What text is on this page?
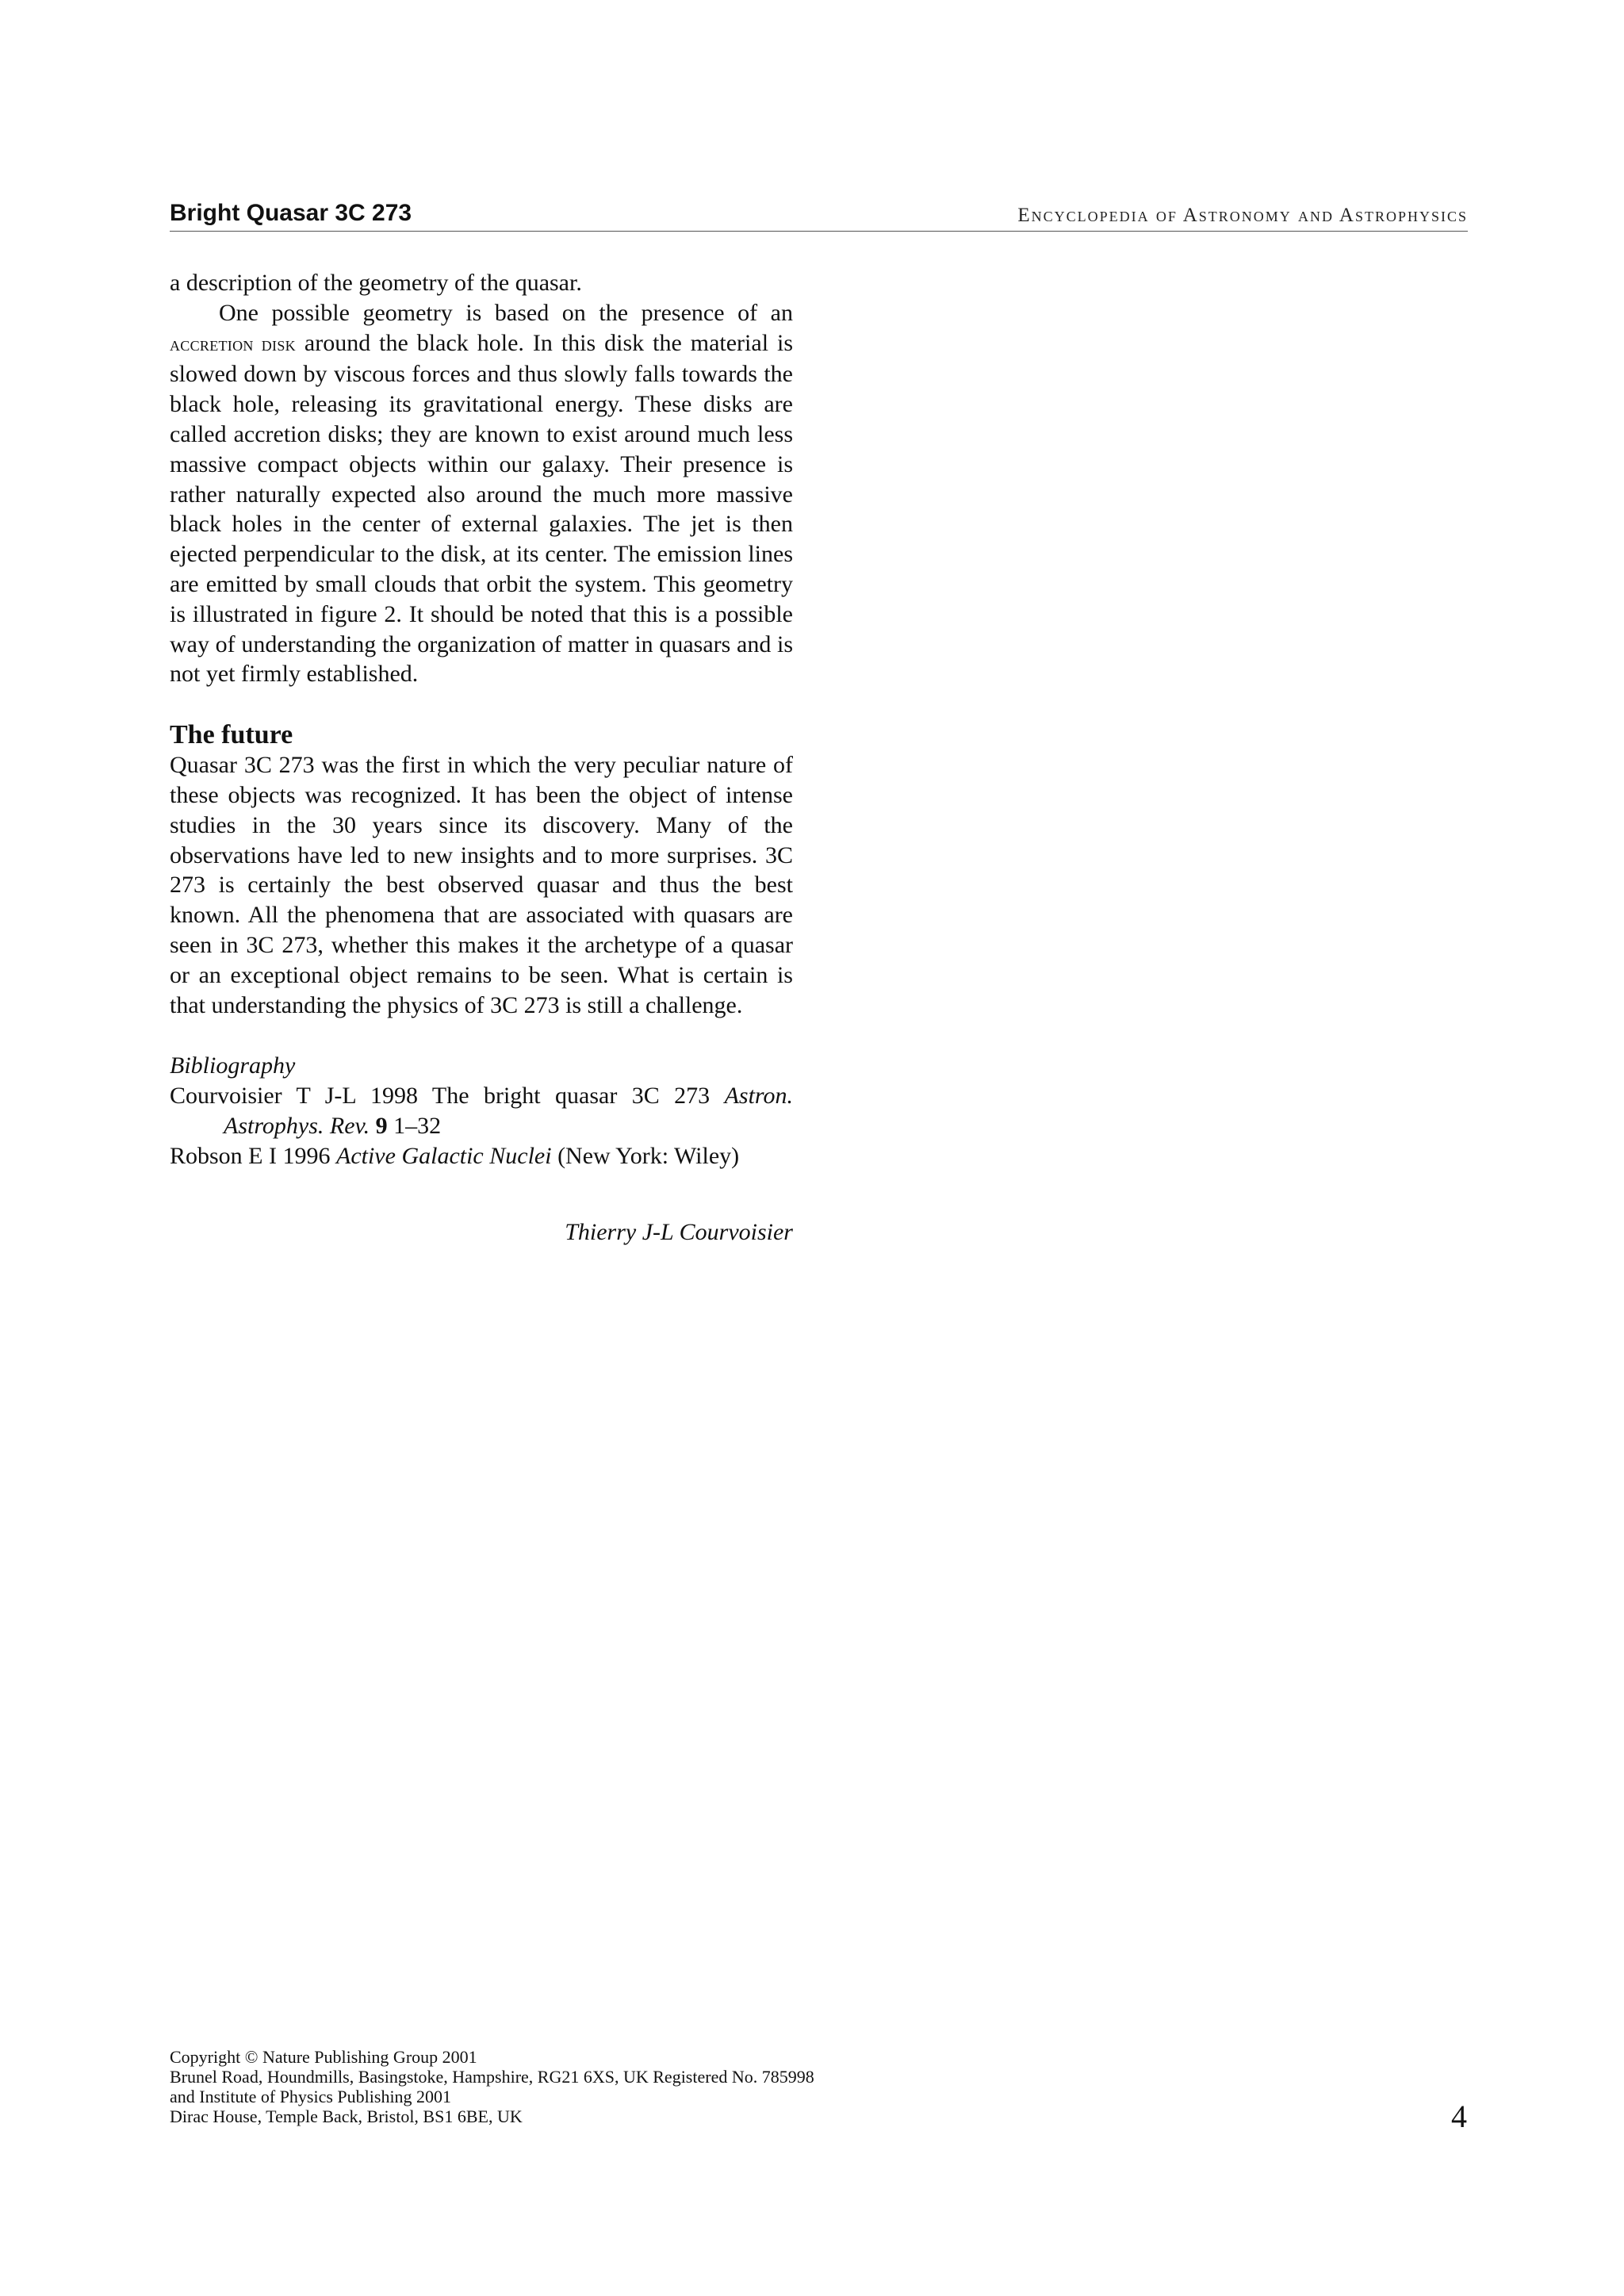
Bright Quasar 3C 273	Encyclopedia of Astronomy and Astrophysics

a description of the geometry of the quasar.

One possible geometry is based on the presence of an accretion disk around the black hole. In this disk the material is slowed down by viscous forces and thus slowly falls towards the black hole, releasing its gravitational energy. These disks are called accretion disks; they are known to exist around much less massive compact objects within our galaxy. Their presence is rather naturally expected also around the much more massive black holes in the center of external galaxies. The jet is then ejected perpendicular to the disk, at its center. The emission lines are emitted by small clouds that orbit the system. This geometry is illustrated in figure 2. It should be noted that this is a possible way of understanding the organization of matter in quasars and is not yet firmly established.

The future

Quasar 3C 273 was the first in which the very peculiar nature of these objects was recognized. It has been the object of intense studies in the 30 years since its discovery. Many of the observations have led to new insights and to more surprises. 3C 273 is certainly the best observed quasar and thus the best known. All the phenomena that are associated with quasars are seen in 3C 273, whether this makes it the archetype of a quasar or an exceptional object remains to be seen. What is certain is that understanding the physics of 3C 273 is still a challenge.

Bibliography

Courvoisier T J-L 1998 The bright quasar 3C 273 Astron. Astrophys. Rev. 9 1–32

Robson E I 1996 Active Galactic Nuclei (New York: Wiley)

Thierry J-L Courvoisier
Copyright © Nature Publishing Group 2001
Brunel Road, Houndmills, Basingstoke, Hampshire, RG21 6XS, UK Registered No. 785998
and Institute of Physics Publishing 2001
Dirac House, Temple Back, Bristol, BS1 6BE, UK	4
